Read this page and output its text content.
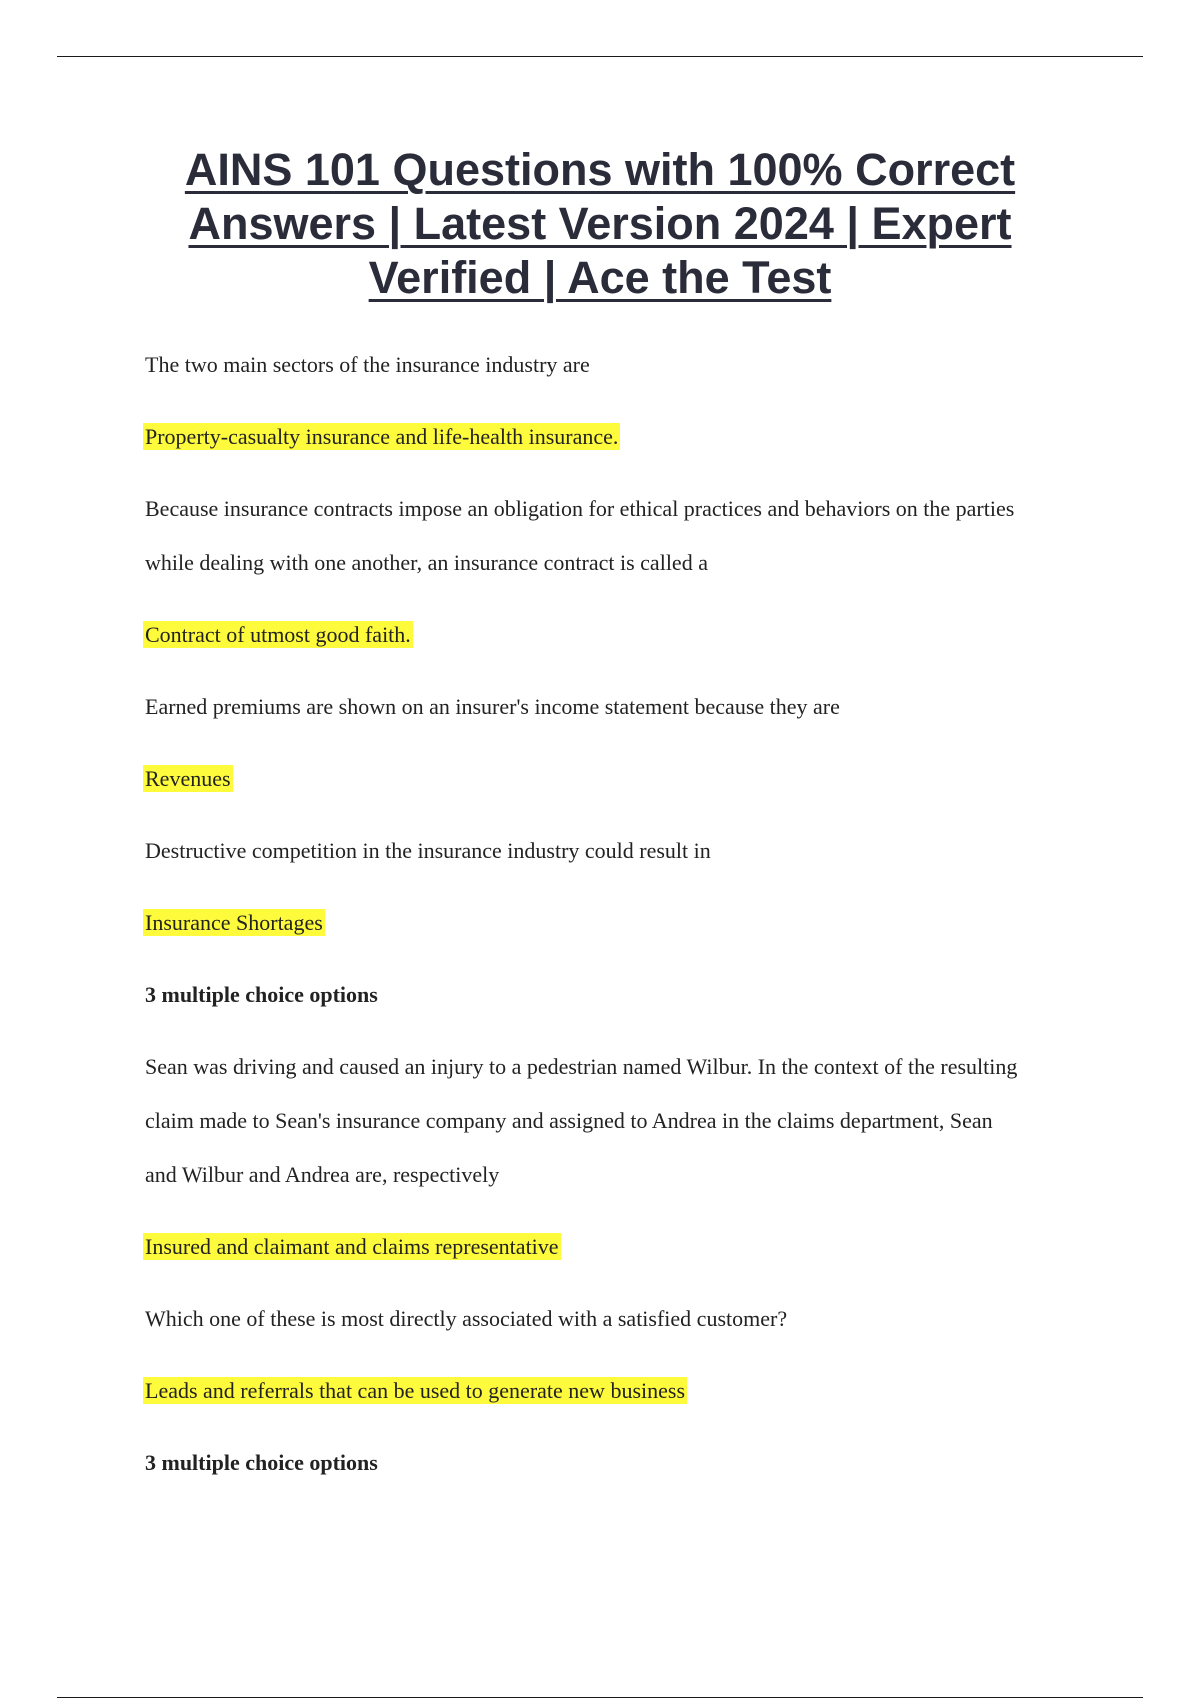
AINS 101 Questions with 100% Correct Answers | Latest Version 2024 | Expert Verified | Ace the Test

The two main sectors of the insurance industry are

Property-casualty insurance and life-health insurance.

Because insurance contracts impose an obligation for ethical practices and behaviors on the parties while dealing with one another, an insurance contract is called a

Contract of utmost good faith.

Earned premiums are shown on an insurer's income statement because they are

Revenues

Destructive competition in the insurance industry could result in

Insurance Shortages

3 multiple choice options

Sean was driving and caused an injury to a pedestrian named Wilbur. In the context of the resulting claim made to Sean's insurance company and assigned to Andrea in the claims department, Sean and Wilbur and Andrea are, respectively

Insured and claimant and claims representative

Which one of these is most directly associated with a satisfied customer?

Leads and referrals that can be used to generate new business

3 multiple choice options
